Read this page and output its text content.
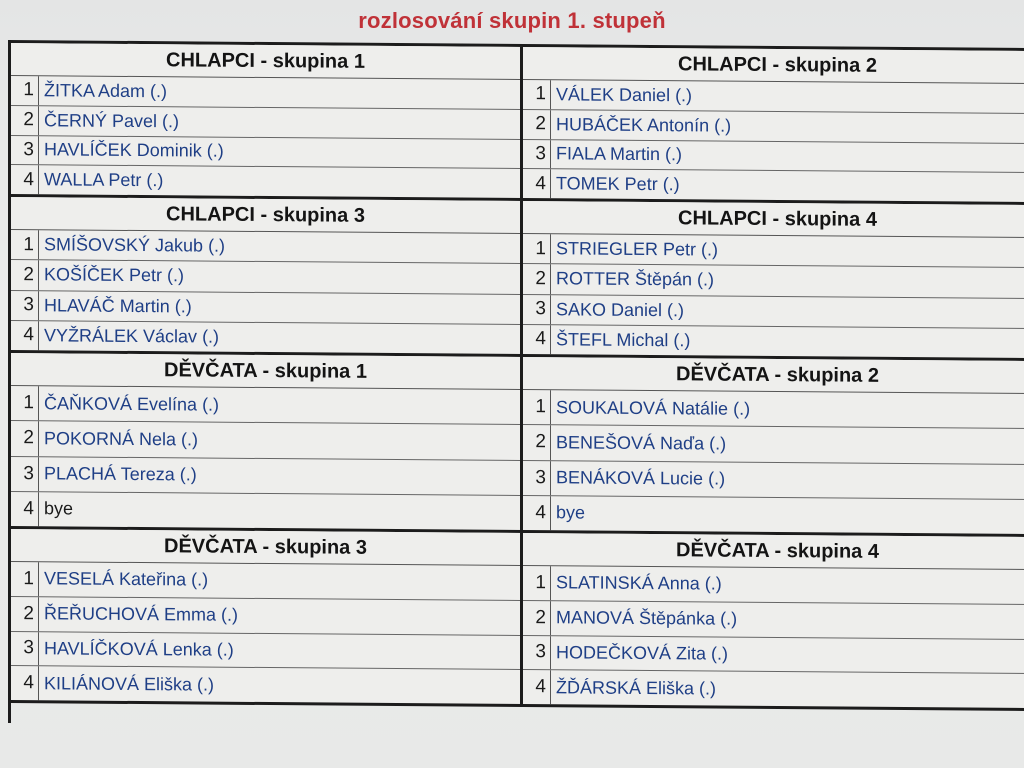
rozlosování skupin 1. stupeň
CHLAPCI - skupina 1
1 ŽITKA Adam (.)
2 ČERNÝ Pavel (.)
3 HAVLÍČEK Dominik (.)
4 WALLA Petr (.)
CHLAPCI - skupina 2
1 VÁLEK Daniel (.)
2 HUBÁČEK Antonín (.)
3 FIALA Martin (.)
4 TOMEK Petr (.)
CHLAPCI - skupina 3
1 SMÍŠOVSKÝ Jakub (.)
2 KOŠÍČEK Petr (.)
3 HLAVÁČ Martin (.)
4 VYŽRÁLEK Václav (.)
CHLAPCI - skupina 4
1 STRIEGLER Petr (.)
2 ROTTER Štěpán (.)
3 SAKO Daniel (.)
4 ŠTEFL Michal (.)
DĚVČATA - skupina 1
1 ČAŇKOVÁ Evelína (.)
2 POKORNÁ Nela (.)
3 PLACHÁ Tereza (.)
4 bye
DĚVČATA - skupina 2
1 SOUKALOVÁ Natálie (.)
2 BENEŠOVÁ Naďa (.)
3 BENÁKOVÁ Lucie (.)
4 bye
DĚVČATA - skupina 3
1 VESELÁ Kateřina (.)
2 ŘEŘUCHOVÁ Emma (.)
3 HAVLÍČKOVÁ Lenka (.)
4 KILIÁNOVÁ Eliška (.)
DĚVČATA - skupina 4
1 SLATINSKÁ Anna (.)
2 MANOVÁ Štěpánka (.)
3 HODEČKOVÁ Zita (.)
4 ŽĎÁRSKÁ Eliška (.)
